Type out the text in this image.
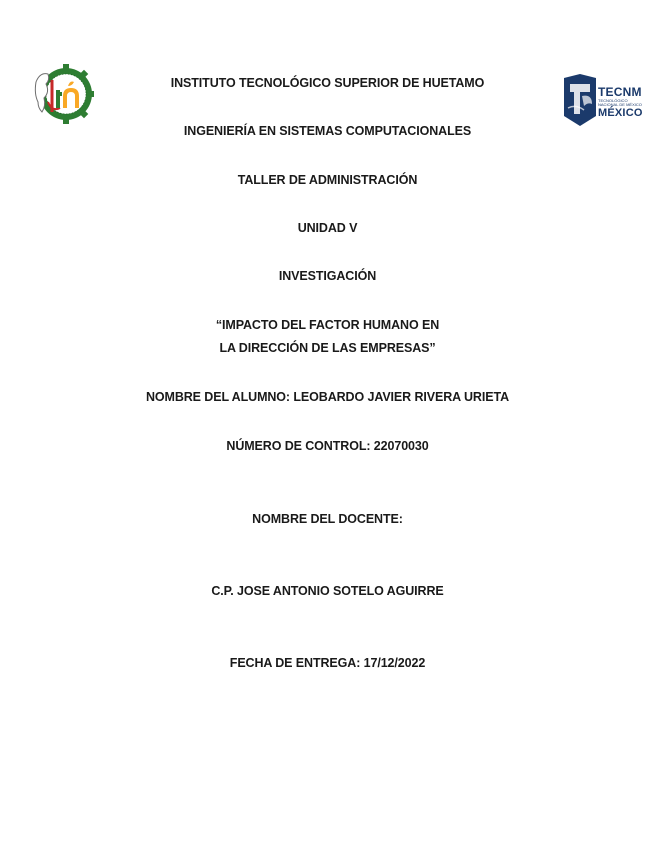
TECNM
TECNOLÓGICO NACIONAL DE MÉXICO
MÉXICO
INSTITUTO TECNOLÓGICO SUPERIOR DE HUETAMO
INGENIERÍA EN SISTEMAS COMPUTACIONALES
TALLER DE ADMINISTRACIÓN
UNIDAD V
INVESTIGACIÓN
“IMPACTO DEL FACTOR HUMANO EN
LA DIRECCIÓN DE LAS EMPRESAS”
NOMBRE DEL ALUMNO: LEOBARDO JAVIER RIVERA URIETA
NÚMERO DE CONTROL: 22070030
NOMBRE DEL DOCENTE:
C.P. JOSE ANTONIO SOTELO AGUIRRE
FECHA DE ENTREGA: 17/12/2022
